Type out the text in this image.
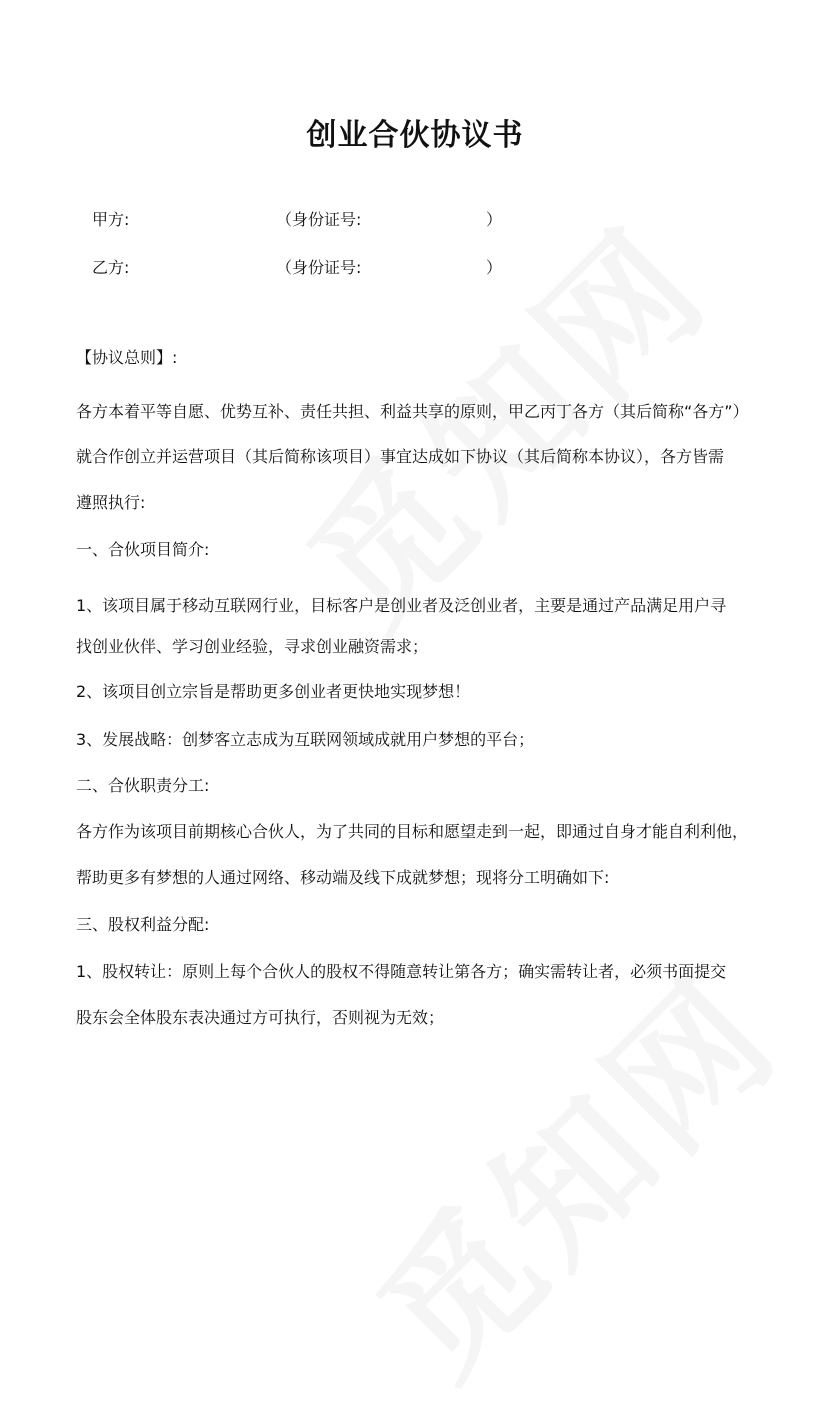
创业合伙协议书
甲方:	（身份证号:	）
乙方:	（身份证号:	）
【协议总则】:
各方本着平等自愿、优势互补、责任共担、利益共享的原则，甲乙丙丁各方（其后简称“各方”）
就合作创立并运营项目（其后简称该项目）事宜达成如下协议（其后简称本协议），各方皆需
遵照执行:
一、合伙项目简介:
1、该项目属于移动互联网行业，目标客户是创业者及泛创业者，主要是通过产品满足用户寻
找创业伙伴、学习创业经验，寻求创业融资需求；
2、该项目创立宗旨是帮助更多创业者更快地实现梦想！
3、发展战略：创梦客立志成为互联网领域成就用户梦想的平台；
二、合伙职责分工:
各方作为该项目前期核心合伙人，为了共同的目标和愿望走到一起，即通过自身才能自利利他，
帮助更多有梦想的人通过网络、移动端及线下成就梦想；现将分工明确如下:
三、股权利益分配:
1、股权转让：原则上每个合伙人的股权不得随意转让第各方；确实需转让者，必须书面提交
股东会全体股东表决通过方可执行，否则视为无效；
